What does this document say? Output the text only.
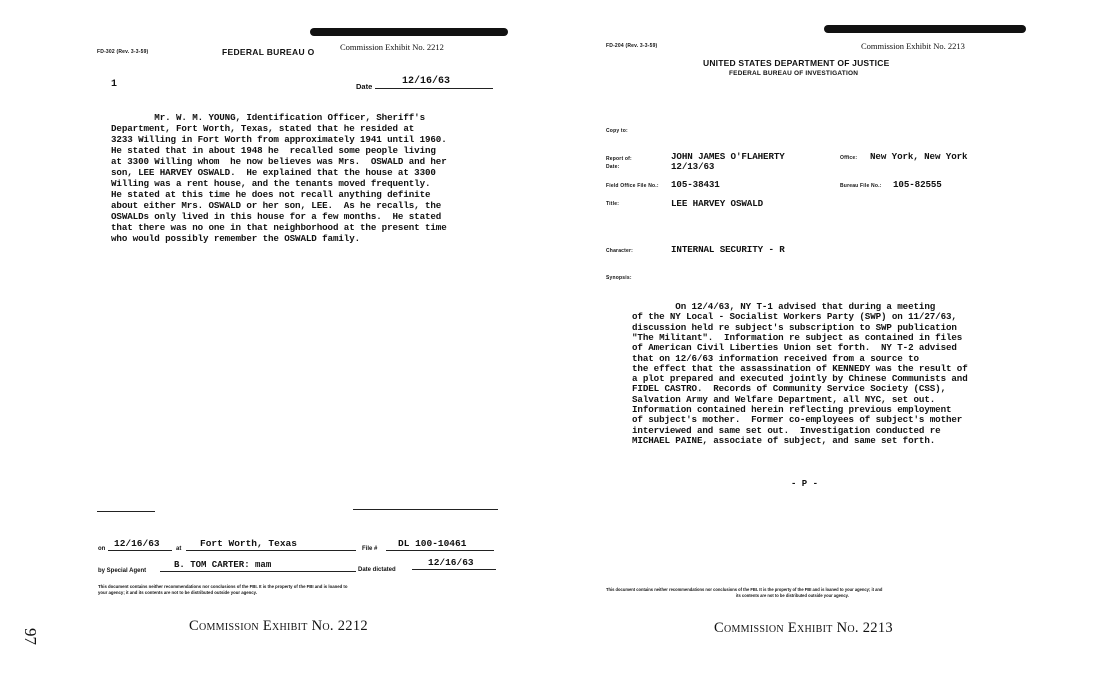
97
FD-302 (Rev. 3-3-59)	FEDERAL BUREAU O	Commission Exhibit No. 2212
1	Date	12/16/63
Mr. W. M. YOUNG, Identification Officer, Sheriff's

Department, Fort Worth, Texas, stated that he resided at
3233 Willing in Fort Worth from approximately 1941 until 1960.
He stated that in about 1948 he  recalled some people living
at 3300 Willing whom  he now believes was Mrs.  OSWALD and her
son, LEE HARVEY OSWALD.  He explained that the house at 3300
Willing was a rent house, and the tenants moved frequently.
He stated at this time he does not recall anything definite
about either Mrs. OSWALD or her son, LEE.  As he recalls, the
OSWALDs only lived in this house for a few months.  He stated
that there was no one in that neighborhood at the present time
who would possibly remember the OSWALD family.
on 12/16/63	at Fort Worth, Texas	File # DL 100-10461
by Special Agent
B. TOM CARTER: mam	Date dictated
12/16/63
This document contains neither recommendations nor conclusions of the FBI. It is the property of the FBI and is loaned to
your agency; it and its contents are not to be distributed outside your agency.
Commission Exhibit No. 2212
FD-204 (Rev. 3-3-59)	Commission Exhibit No. 2213
UNITED STATES DEPARTMENT OF JUSTICE
FEDERAL BUREAU OF INVESTIGATION
Copy to:
Report of:	JOHN JAMES O'FLAHERTY
Date:	12/13/63
Office: New York, New York
Field Office File No.: 105-38431	Bureau File No.: 105-82555
Title:	LEE HARVEY OSWALD
Character:	INTERNAL SECURITY - R
Synopsis:
On 12/4/63, NY T-1 advised that during a meeting
of the NY Local - Socialist Workers Party (SWP) on 11/27/63,
discussion held re subject's subscription to SWP publication
"The Militant".  Information re subject as contained in files
of American Civil Liberties Union set forth.  NY T-2 advised
that on 12/6/63 information received from a source to
the effect that the assassination of KENNEDY was the result of
a plot prepared and executed jointly by Chinese Communists and
FIDEL CASTRO.  Records of Community Service Society (CSS),
Salvation Army and Welfare Department, all NYC, set out.
Information contained herein reflecting previous employment
of subject's mother.  Former co-employees of subject's mother
interviewed and same set out.  Investigation conducted re
MICHAEL PAINE, associate of subject, and same set forth.
- P -
This document contains neither recommendations nor conclusions of the FBI. It is the property of the FBI and is loaned to your agency; it and
its contents are not to be distributed outside your agency.
Commission Exhibit No. 2213
